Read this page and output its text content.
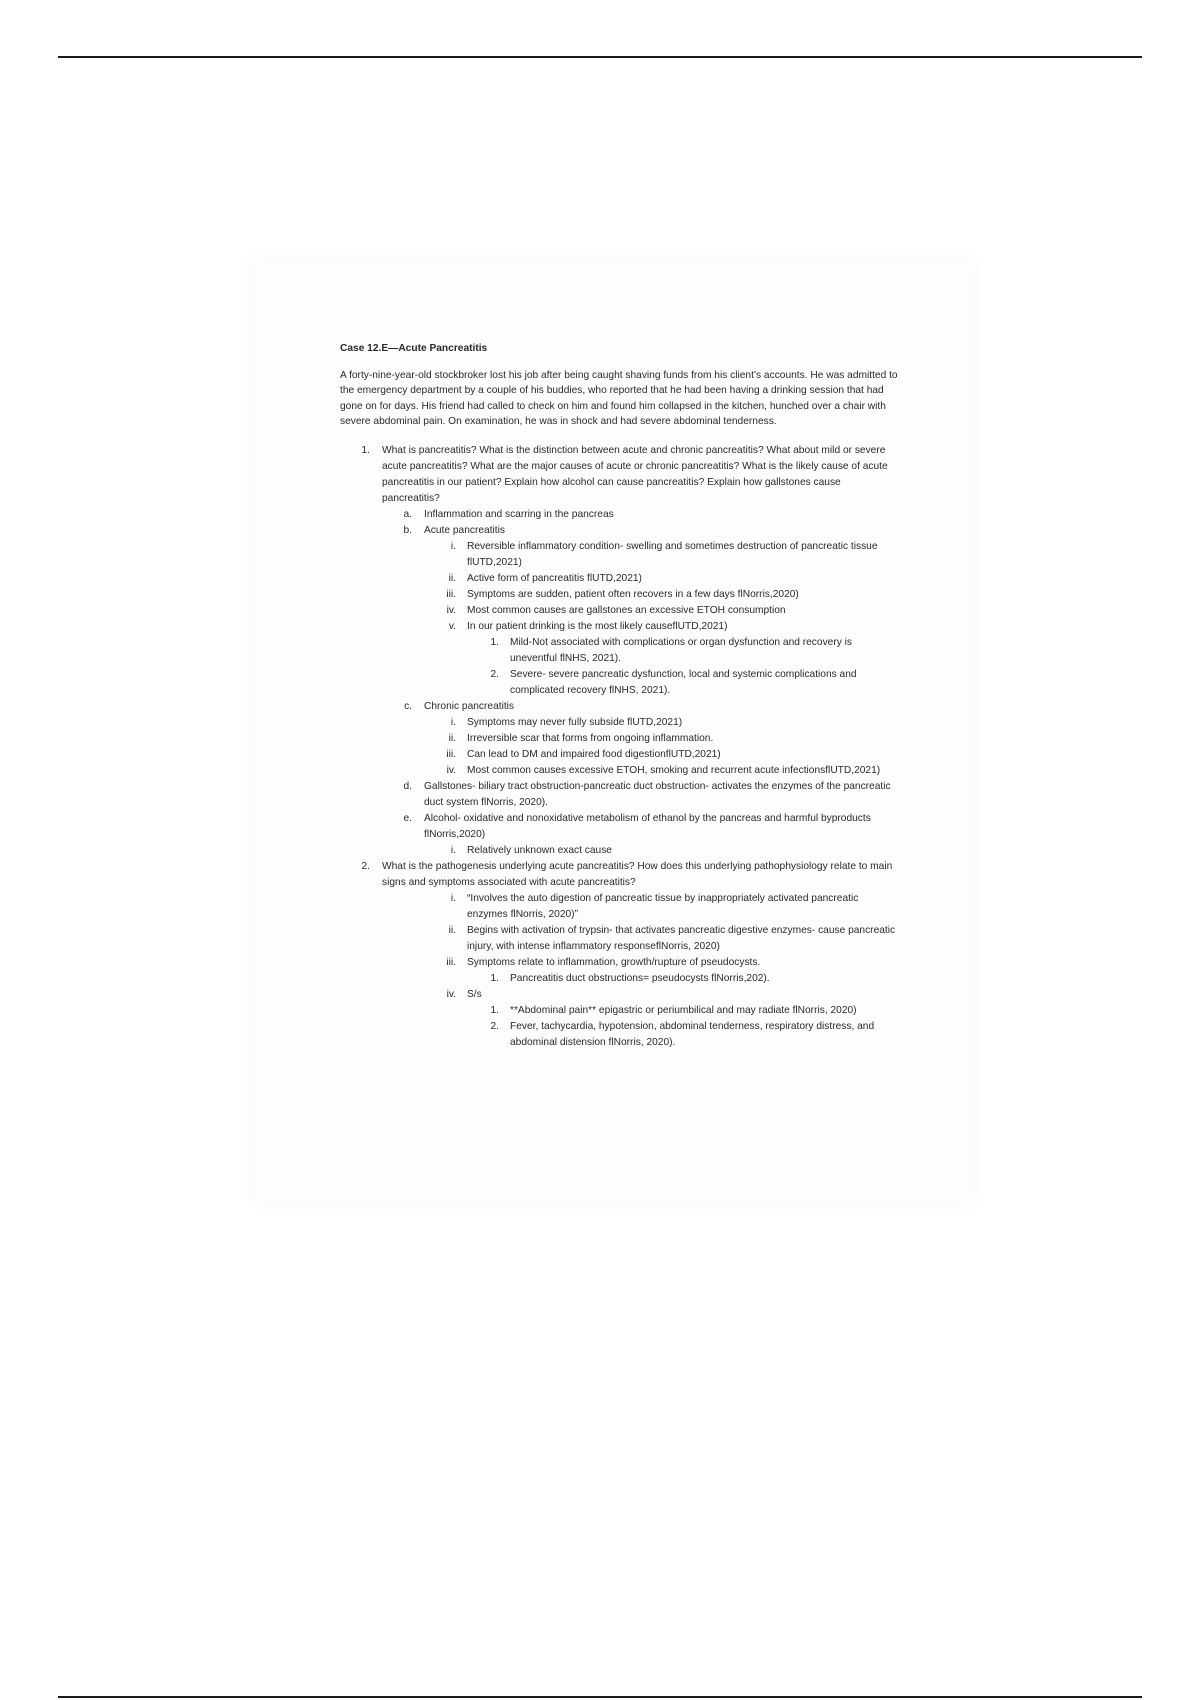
Case 12.E—Acute Pancreatitis

A forty-nine-year-old stockbroker lost his job after being caught shaving funds from his client’s accounts. He was admitted to the emergency department by a couple of his buddies, who reported that he had been having a drinking session that had gone on for days. His friend had called to check on him and found him collapsed in the kitchen, hunched over a chair with severe abdominal pain. On examination, he was in shock and had severe abdominal tenderness.

1. What is pancreatitis? What is the distinction between acute and chronic pancreatitis? What about mild or severe acute pancreatitis? What are the major causes of acute or chronic pancreatitis? What is the likely cause of acute pancreatitis in our patient? Explain how alcohol can cause pancreatitis? Explain how gallstones cause pancreatitis?
a. Inflammation and scarring in the pancreas
b. Acute pancreatitis
i. Reversible inflammatory condition- swelling and sometimes destruction of pancreatic tissue flUTD,2021)
ii. Active form of pancreatitis flUTD,2021)
iii. Symptoms are sudden, patient often recovers in a few days flNorris,2020)
iv. Most common causes are gallstones an excessive ETOH consumption
v. In our patient drinking is the most likely causeflUTD,2021)
1. Mild-Not associated with complications or organ dysfunction and recovery is uneventful flNHS, 2021).
2. Severe- severe pancreatic dysfunction, local and systemic complications and complicated recovery flNHS, 2021).
c. Chronic pancreatitis
i. Symptoms may never fully subside flUTD,2021)
ii. Irreversible scar that forms from ongoing inflammation.
iii. Can lead to DM and impaired food digestionflUTD,2021)
iv. Most common causes excessive ETOH, smoking and recurrent acute infectionsflUTD,2021)
d. Gallstones- biliary tract obstruction-pancreatic duct obstruction- activates the enzymes of the pancreatic duct system flNorris, 2020).
e. Alcohol- oxidative and nonoxidative metabolism of ethanol by the pancreas and harmful byproducts flNorris,2020)
i. Relatively unknown exact cause
2. What is the pathogenesis underlying acute pancreatitis? How does this underlying pathophysiology relate to main signs and symptoms associated with acute pancreatitis?
i. “Involves the auto digestion of pancreatic tissue by inappropriately activated pancreatic enzymes flNorris, 2020)”
ii. Begins with activation of trypsin- that activates pancreatic digestive enzymes- cause pancreatic injury, with intense inflammatory responseflNorris, 2020)
iii. Symptoms relate to inflammation, growth/rupture of pseudocysts.
1. Pancreatitis duct obstructions= pseudocysts flNorris,202).
iv. S/s
1. **Abdominal pain** epigastric or periumbilical and may radiate flNorris, 2020)
2. Fever, tachycardia, hypotension, abdominal tenderness, respiratory distress, and abdominal distension flNorris, 2020).
